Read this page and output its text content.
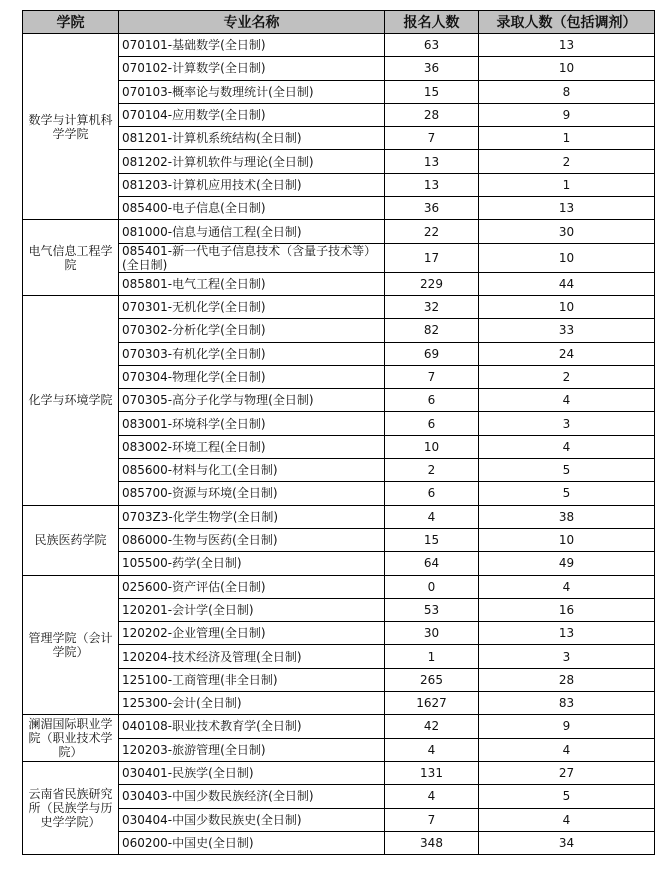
学院	专业名称	报名人数	录取人数（包括调剂）
数学与计算机科学学院	070101-基础数学(全日制)	63	13
	070102-计算数学(全日制)	36	10
	070103-概率论与数理统计(全日制)	15	8
	070104-应用数学(全日制)	28	9
	081201-计算机系统结构(全日制)	7	1
	081202-计算机软件与理论(全日制)	13	2
	081203-计算机应用技术(全日制)	13	1
	085400-电子信息(全日制)	36	13
电气信息工程学院	081000-信息与通信工程(全日制)	22	30
	085401-新一代电子信息技术（含量子技术等）(全日制)	17	10
	085801-电气工程(全日制)	229	44
化学与环境学院	070301-无机化学(全日制)	32	10
	070302-分析化学(全日制)	82	33
	070303-有机化学(全日制)	69	24
	070304-物理化学(全日制)	7	2
	070305-高分子化学与物理(全日制)	6	4
	083001-环境科学(全日制)	6	3
	083002-环境工程(全日制)	10	4
	085600-材料与化工(全日制)	2	5
	085700-资源与环境(全日制)	6	5
民族医药学院	0703Z3-化学生物学(全日制)	4	38
	086000-生物与医药(全日制)	15	10
	105500-药学(全日制)	64	49
管理学院（会计学院）	025600-资产评估(全日制)	0	4
	120201-会计学(全日制)	53	16
	120202-企业管理(全日制)	30	13
	120204-技术经济及管理(全日制)	1	3
	125100-工商管理(非全日制)	265	28
	125300-会计(全日制)	1627	83
澜湄国际职业学院（职业技术学院）	040108-职业技术教育学(全日制)	42	9
	120203-旅游管理(全日制)	4	4
云南省民族研究所（民族学与历史学学院）	030401-民族学(全日制)	131	27
	030403-中国少数民族经济(全日制)	4	5
	030404-中国少数民族史(全日制)	7	4
	060200-中国史(全日制)	348	34
